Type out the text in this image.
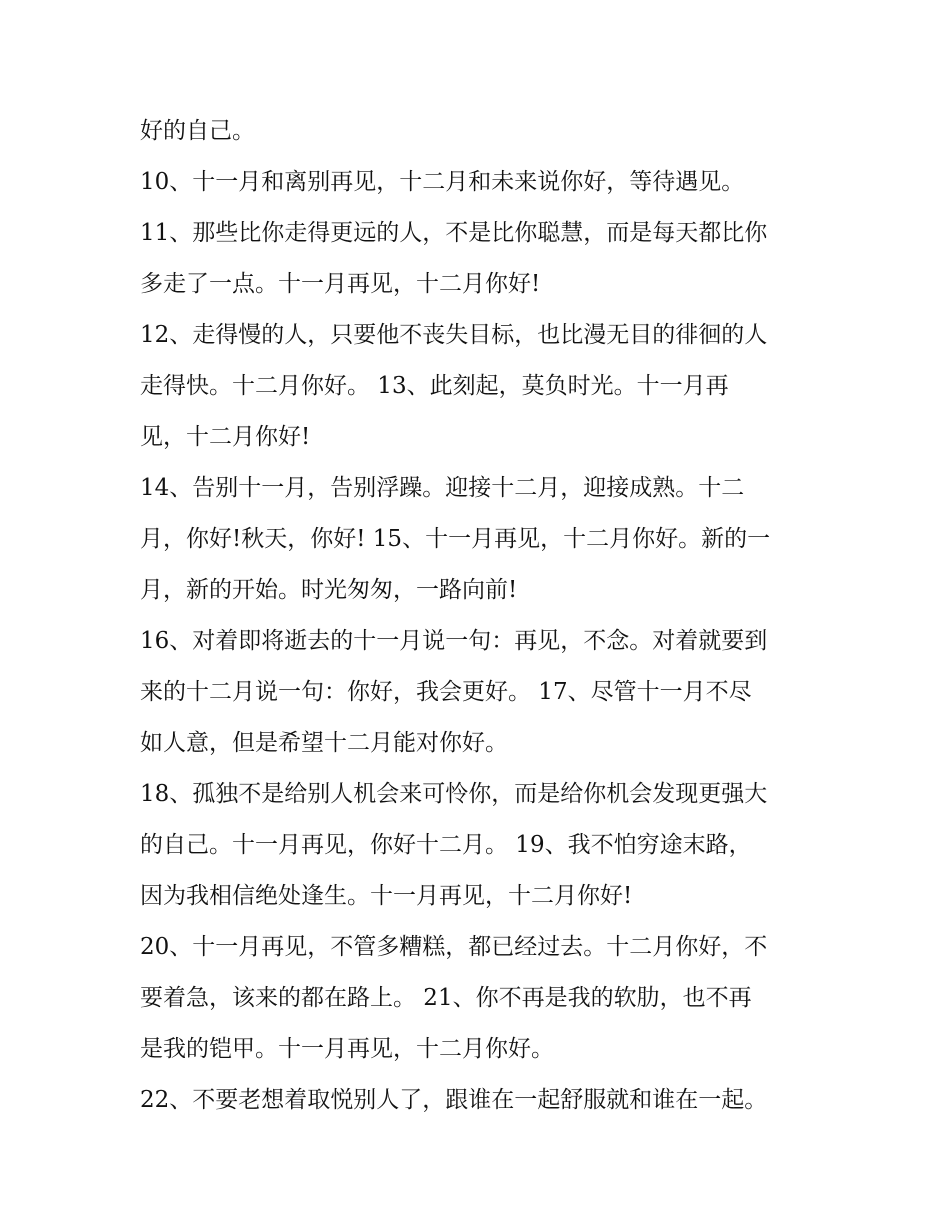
好的自己。
10、十一月和离别再见，十二月和未来说你好，等待遇见。
11、那些比你走得更远的人，不是比你聪慧，而是每天都比你
多走了一点。十一月再见，十二月你好!
12、走得慢的人，只要他不丧失目标，也比漫无目的徘徊的人
走得快。十二月你好。 13、此刻起，莫负时光。十一月再
见，十二月你好!
14、告别十一月，告别浮躁。迎接十二月，迎接成熟。十二
月，你好!秋天，你好! 15、十一月再见，十二月你好。新的一
月，新的开始。时光匆匆，一路向前!
16、对着即将逝去的十一月说一句：再见，不念。对着就要到
来的十二月说一句：你好，我会更好。 17、尽管十一月不尽
如人意，但是希望十二月能对你好。
18、孤独不是给别人机会来可怜你，而是给你机会发现更强大
的自己。十一月再见，你好十二月。 19、我不怕穷途末路，
因为我相信绝处逢生。十一月再见，十二月你好!
20、十一月再见，不管多糟糕，都已经过去。十二月你好，不
要着急，该来的都在路上。 21、你不再是我的软肋，也不再
是我的铠甲。十一月再见，十二月你好。
22、不要老想着取悦别人了，跟谁在一起舒服就和谁在一起。
